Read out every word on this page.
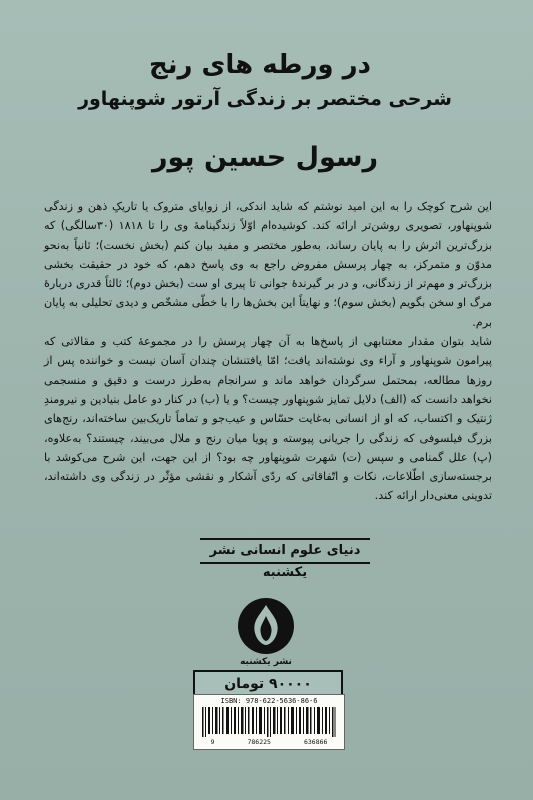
در ورطه های رنج
شرحی مختصر بر زندگی آرتور شوپنهاور
رسول حسین پور

این شرح کوچک را به این امید نوشتم که شاید اندکی، از زوایای متروک یا تاریکِ ذهن و زندگی شوپنهاور، تصویری روشن‌تر ارائه کند. کوشیده‌ام اوّلاً زندگینامهٔ وی را تا ۱۸۱۸ (۳۰سالگی) که بزرگ‌ترین اثرش را به پایان رساند، به‌طور مختصر و مفید بیان کنم (بخش نخست)؛ ثانیاً به‌نحو مدوّن و متمرکز، به چهار پرسش مفروض راجع به وی پاسخ دهم، که خود در حقیقت بخشی بزرگ‌تر و مهم‌تر از زندگانی، و در بر گیرندهٔ جوانی تا پیری او ست (بخش دوم)؛ ثالثاً قدری دربارهٔ مرگ او سخن بگویم (بخش سوم)؛ و نهایتاً این بخش‌ها را با خطّی مشخّص و دیدی تحلیلی به پایان برم.

شاید بتوان مقدار معتنابهی از پاسخ‌ها به آن چهار پرسش را در مجموعهٔ کتب و مقالاتی که پیرامون شوپنهاور و آراء وی نوشته‌اند یافت؛ امّا یافتنشان چندان آسان نیست و خواننده پس از روزها مطالعه، بمحتمل سرگردان خواهد ماند و سرانجام به‌طرز درست و دقیق و منسجمی نخواهد دانست که (الف) دلایل تمایز شوپنهاور چیست؟ و یا (ب) در کنار دو عامل بنیادین و نیرومندِ ژنتیک و اکتساب، که او از انسانی به‌غایت حسّاس و عیب‌جو و تماماً تاریک‌بین ساخته‌اند، رنج‌های بزرگ فیلسوفی که زندگی را جریانی پیوسته و پویا میان رنج و ملال می‌بیند، چیستند؟ به‌علاوه، (پ) علل گمنامی و سپس (ت) شهرت شوپنهاور چه بود؟ از این جهت، این شرح می‌کوشد با برجسته‌سازی اطّلاعات، نکات و اتّفاقاتی که ردّی آشکار و نقشی مؤثّر در زندگی وی داشته‌اند، تدوینی معنی‌دار ارائه کند.

دنیای علوم انسانی نشر یکشنبه
نشر یکشنبه
۹۰۰۰۰ تومان
ISBN: 978-622-5636-86-6
9	786225	636866
